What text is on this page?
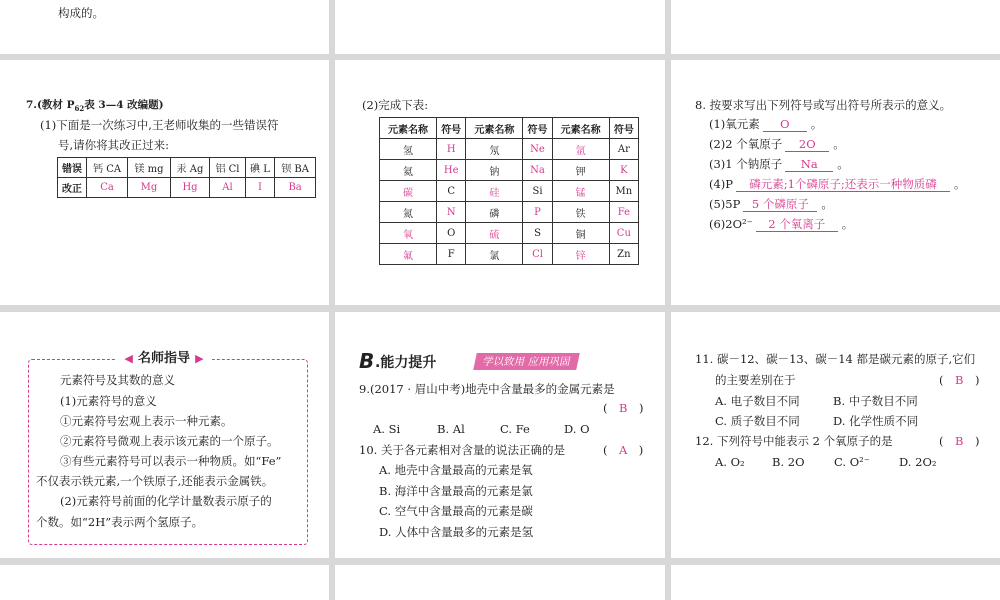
构成的。
7.(教材 $P_{62}$表 3—4 改编题)
(1)下面是一次练习中,王老师收集的一些错误符
号,请你将其改正过来:
错误	钙 CA	镁 mg	汞 Ag	铝 Cl	碘 L	钡 BA
改正	Ca	Mg	Hg	Al	I	Ba
(2)完成下表:
元素名称	符号	元素名称	符号	元素名称	符号
氢	H	氖	Ne	氩	Ar
氦	He	钠	Na	钾	K
碳	C	硅	Si	锰	Mn
氮	N	磷	P	铁	Fe
氧	O	硫	S	铜	Cu
氟	F	氯	Cl	锌	Zn
8. 按要求写出下列符号或写出符号所表示的意义。
(1)氧元素 O 。
(2)2 个氧原子 2O 。
(3)1 个钠原子 Na 。
(4)P 磷元素;1个磷原子;还表示一种物质磷 。
(5)5P 5 个磷原子 。
(6)2O²⁻ 2 个氧离子 。
◀ 名师指导 ▶
元素符号及其数的意义
(1)元素符号的意义
①元素符号宏观上表示一种元素。
②元素符号微观上表示该元素的一个原子。
③有些元素符号可以表示一种物质。如“Fe”
不仅表示铁元素,一个铁原子,还能表示金属铁。
(2)元素符号前面的化学计量数表示原子的
个数。如“2H”表示两个氢原子。
B .能力提升	学以致用 应用巩固
9.(2017 · 眉山中考)地壳中含量最多的金属元素是
(　B　)
A. Si	B. Al	C. Fe	D. O
10. 关于各元素相对含量的说法正确的是	(　A　)
A. 地壳中含量最高的元素是氧
B. 海洋中含量最高的元素是氯
C. 空气中含量最高的元素是碳
D. 人体中含量最多的元素是氢
11. 碳－12、碳－13、碳－14 都是碳元素的原子,它们
的主要差别在于	(　B　)
A. 电子数目不同	B. 中子数目不同
C. 质子数目不同	D. 化学性质不同
12. 下列符号中能表示 2 个氧原子的是	(　B　)
A. O₂ B. 2O	C. O²⁻	D. 2O₂
